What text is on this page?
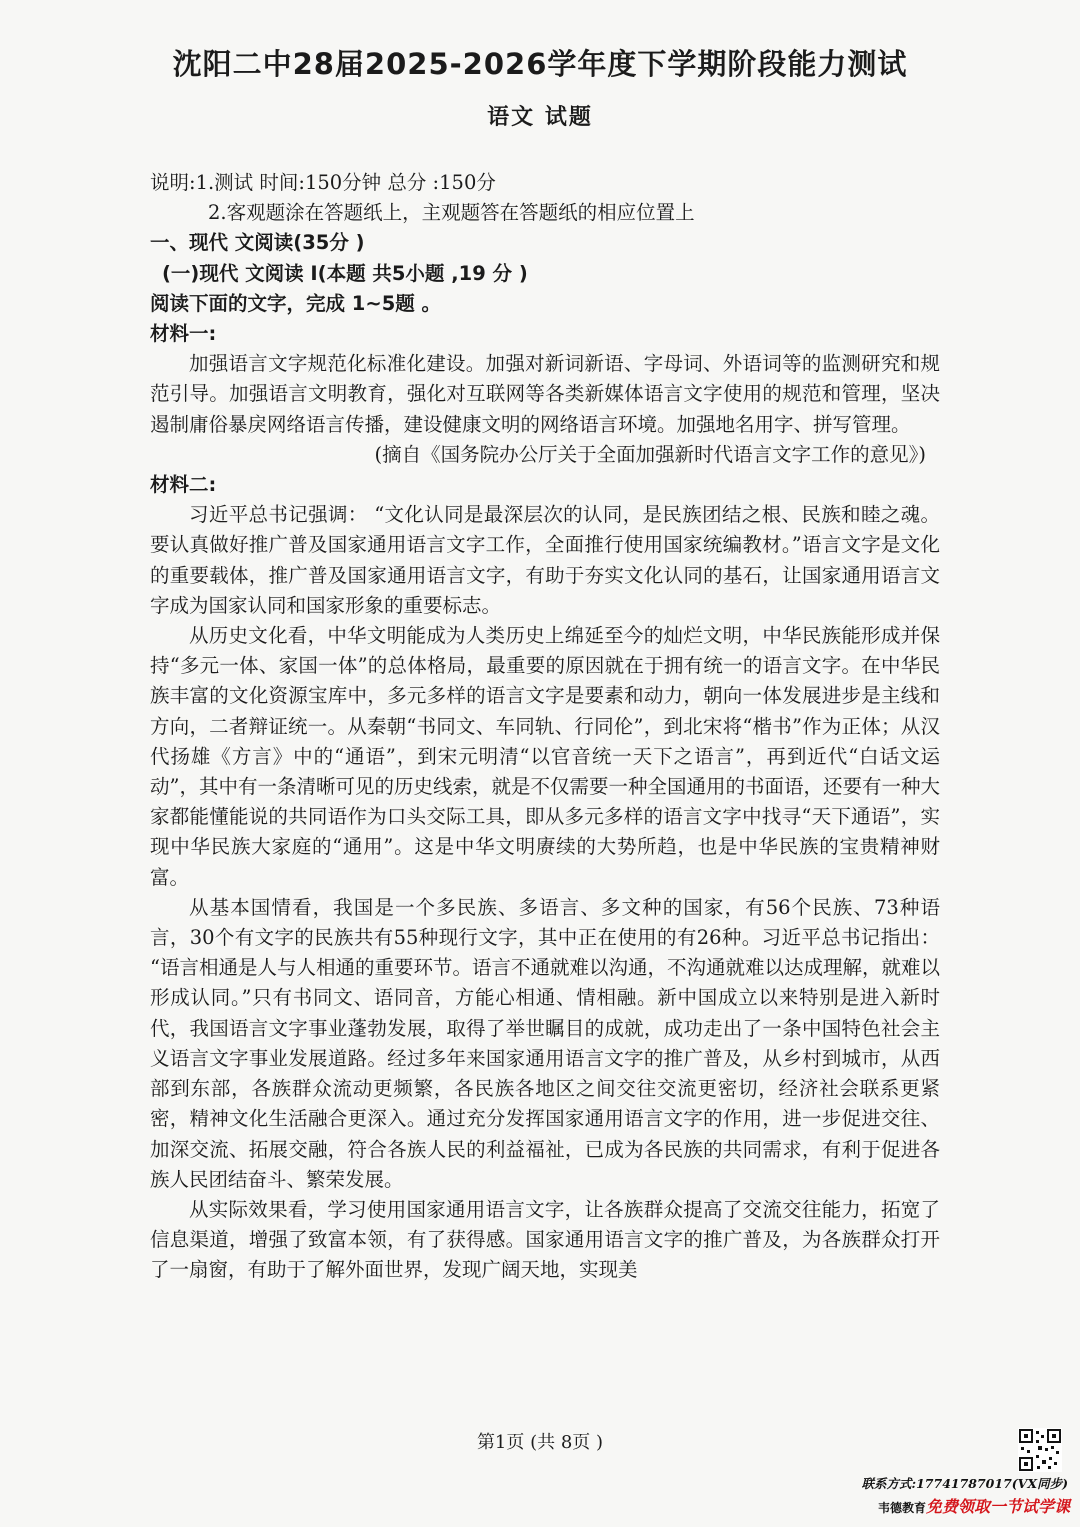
沈阳二中28届2025-2026学年度下学期阶段能力测试
语文 试题

说明:1.测试 时间:150分钟 总分 :150分

2.客观题涂在答题纸上，主观题答在答题纸的相应位置上

一、现代 文阅读(35分 )

(一)现代 文阅读 Ⅰ(本题 共5小题 ,19 分 )

阅读下面的文字，完成 1~5题 。

材料一:

加强语言文字规范化标准化建设。加强对新词新语、字母词、外语词等的监测研究和规范引导。加强语言文明教育，强化对互联网等各类新媒体语言文字使用的规范和管理，坚决遏制庸俗暴戾网络语言传播，建设健康文明的网络语言环境。加强地名用字、拼写管理。

(摘自《国务院办公厅关于全面加强新时代语言文字工作的意见》)

材料二:

习近平总书记强调： “文化认同是最深层次的认同，是民族团结之根、民族和睦之魂。要认真做好推广普及国家通用语言文字工作，全面推行使用国家统编教材。”语言文字是文化的重要载体，推广普及国家通用语言文字，有助于夯实文化认同的基石，让国家通用语言文字成为国家认同和国家形象的重要标志。

从历史文化看，中华文明能成为人类历史上绵延至今的灿烂文明，中华民族能形成并保持“多元一体、家国一体”的总体格局，最重要的原因就在于拥有统一的语言文字。在中华民族丰富的文化资源宝库中，多元多样的语言文字是要素和动力，朝向一体发展进步是主线和方向，二者辩证统一。从秦朝“书同文、车同轨、行同伦”，到北宋将“楷书”作为正体；从汉代扬雄《方言》中的“通语”，到宋元明清“以官音统一天下之语言”，再到近代“白话文运动”，其中有一条清晰可见的历史线索，就是不仅需要一种全国通用的书面语，还要有一种大家都能懂能说的共同语作为口头交际工具，即从多元多样的语言文字中找寻“天下通语”，实现中华民族大家庭的“通用”。这是中华文明赓续的大势所趋，也是中华民族的宝贵精神财富。

从基本国情看，我国是一个多民族、多语言、多文种的国家，有56个民族、73种语言，30个有文字的民族共有55种现行文字，其中正在使用的有26种。习近平总书记指出： “语言相通是人与人相通的重要环节。语言不通就难以沟通，不沟通就难以达成理解，就难以形成认同。”只有书同文、语同音，方能心相通、情相融。新中国成立以来特别是进入新时代，我国语言文字事业蓬勃发展，取得了举世瞩目的成就，成功走出了一条中国特色社会主义语言文字事业发展道路。经过多年来国家通用语言文字的推广普及，从乡村到城市，从西部到东部，各族群众流动更频繁，各民族各地区之间交往交流更密切，经济社会联系更紧密，精神文化生活融合更深入。通过充分发挥国家通用语言文字的作用，进一步促进交往、加深交流、拓展交融，符合各族人民的利益福祉，已成为各民族的共同需求，有利于促进各族人民团结奋斗、繁荣发展。

从实际效果看，学习使用国家通用语言文字，让各族群众提高了交流交往能力，拓宽了信息渠道，增强了致富本领，有了获得感。国家通用语言文字的推广普及，为各族群众打开了一扇窗，有助于了解外面世界，发现广阔天地，实现美

第1页 (共 8页 )
联系方式:17741787017(VX同步)
韦德教育免费领取一节试学课
